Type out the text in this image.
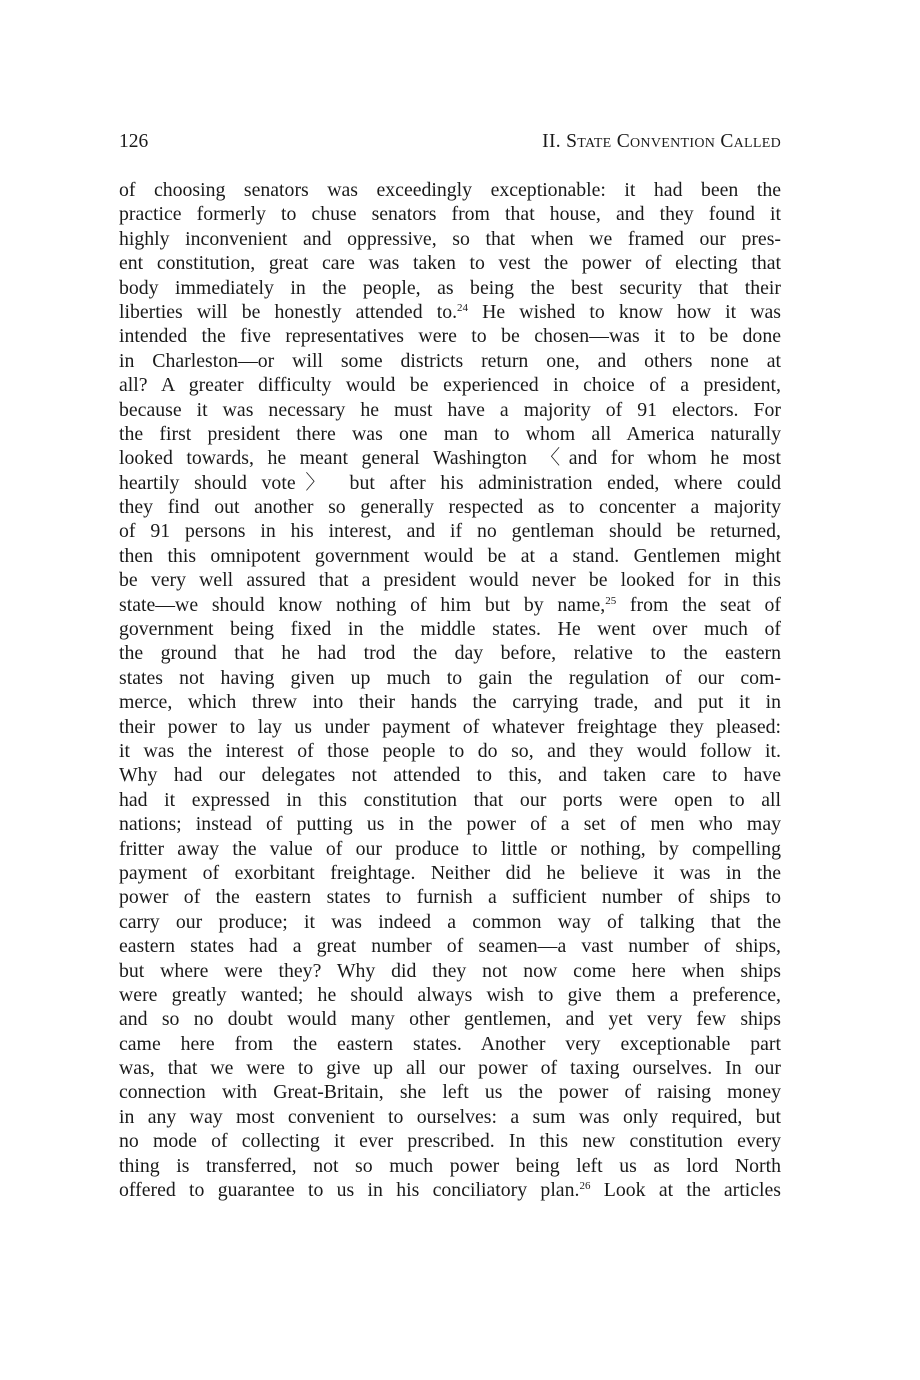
126	II. State Convention Called
of choosing senators was exceedingly exceptionable: it had been the
practice formerly to chuse senators from that house, and they found it
highly inconvenient and oppressive, so that when we framed our pres-
ent constitution, great care was taken to vest the power of electing that
body immediately in the people, as being the best security that their
liberties will be honestly attended to.$^{24}$ He wished to know how it was
intended the five representatives were to be chosen—was it to be done
in Charleston—or will some districts return one, and others none at
all? A greater difficulty would be experienced in choice of a president,
because it was necessary he must have a majority of 91 electors. For
the first president there was one man to whom all America naturally
looked towards, he meant general Washington 〈and for whom he most
heartily should vote〉 but after his administration ended, where could
they find out another so generally respected as to concenter a majority
of 91 persons in his interest, and if no gentleman should be returned,
then this omnipotent government would be at a stand. Gentlemen might
be very well assured that a president would never be looked for in this
state—we should know nothing of him but by name,$^{25}$ from the seat of
government being fixed in the middle states. He went over much of
the ground that he had trod the day before, relative to the eastern
states not having given up much to gain the regulation of our com-
merce, which threw into their hands the carrying trade, and put it in
their power to lay us under payment of whatever freightage they pleased:
it was the interest of those people to do so, and they would follow it.
Why had our delegates not attended to this, and taken care to have
had it expressed in this constitution that our ports were open to all
nations; instead of putting us in the power of a set of men who may
fritter away the value of our produce to little or nothing, by compelling
payment of exorbitant freightage. Neither did he believe it was in the
power of the eastern states to furnish a sufficient number of ships to
carry our produce; it was indeed a common way of talking that the
eastern states had a great number of seamen—a vast number of ships,
but where were they? Why did they not now come here when ships
were greatly wanted; he should always wish to give them a preference,
and so no doubt would many other gentlemen, and yet very few ships
came here from the eastern states. Another very exceptionable part
was, that we were to give up all our power of taxing ourselves. In our
connection with Great-Britain, she left us the power of raising money
in any way most convenient to ourselves: a sum was only required, but
no mode of collecting it ever prescribed. In this new constitution every
thing is transferred, not so much power being left us as lord North
offered to guarantee to us in his conciliatory plan.$^{26}$ Look at the articles
